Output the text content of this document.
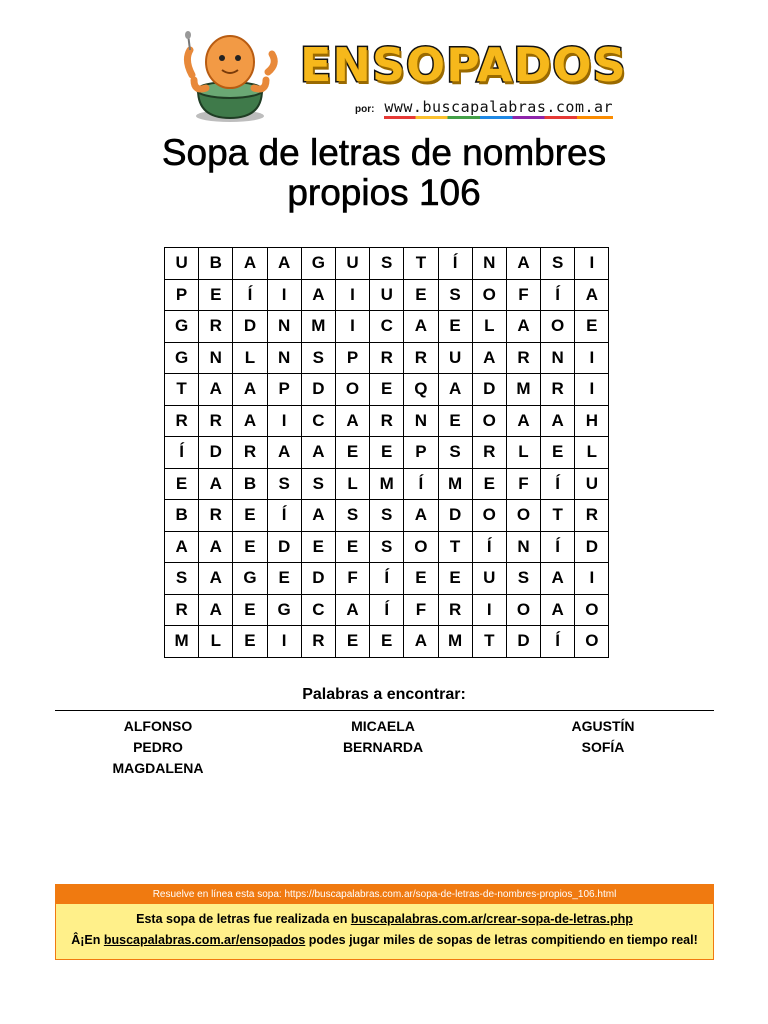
ENSOPADOS
por: www.buscapalabras.com.ar
Sopa de letras de nombres
propios 106
U	B	A	A	G	U	S	T	Í	N	A	S	I
P	E	Í	I	A	I	U	E	S	O	F	Í	A
G	R	D	N	M	I	C	A	E	L	A	O	E
G	N	L	N	S	P	R	R	U	A	R	N	I
T	A	A	P	D	O	E	Q	A	D	M	R	I
R	R	A	I	C	A	R	N	E	O	A	A	H
Í	D	R	A	A	E	E	P	S	R	L	E	L
E	A	B	S	S	L	M	Í	M	E	F	Í	U
B	R	E	Í	A	S	S	A	D	O	O	T	R
A	A	E	D	E	E	S	O	T	Í	N	Í	D
S	A	G	E	D	F	Í	E	E	U	S	A	I
R	A	E	G	C	A	Í	F	R	I	O	A	O
M	L	E	I	R	E	E	A	M	T	D	Í	O
Palabras a encontrar:
ALFONSO
PEDRO
MAGDALENA
MICAELA
BERNARDA
AGUSTÍN
SOFÍA
Resuelve en línea esta sopa: https://buscapalabras.com.ar/sopa-de-letras-de-nombres-propios_106.html
Esta sopa de letras fue realizada en buscapalabras.com.ar/crear-sopa-de-letras.php
Â¡En buscapalabras.com.ar/ensopados podes jugar miles de sopas de letras compitiendo en tiempo real!
